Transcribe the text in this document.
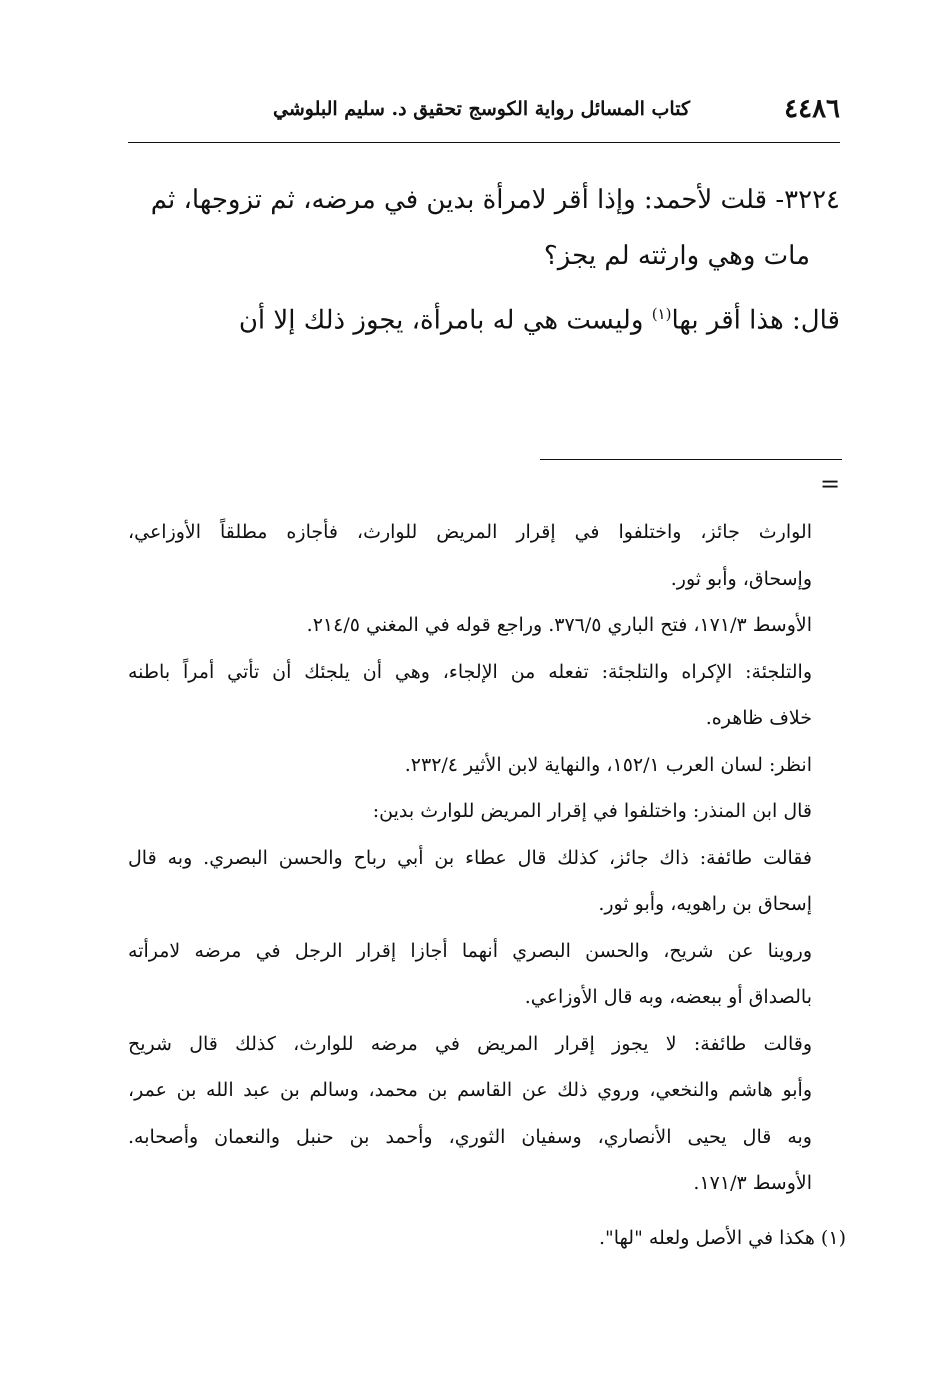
٤٤٨٦
كتاب المسائل رواية الكوسج تحقيق د. سليم البلوشي

٣٢٢٤- قلت لأحمد: وإذا أقر لامرأة بدين في مرضه، ثم تزوجها، ثم

مات وهي وارثته لم يجز؟

قال: هذا أقر بها$^{(١)}$ وليست هي له بامرأة، يجوز ذلك إلا أن

=
الوارث جائز، واختلفوا في إقرار المريض للوارث، فأجازه مطلقاً الأوزاعي،
وإسحاق، وأبو ثور.
الأوسط ١٧١/٣، فتح الباري ٣٧٦/٥. وراجع قوله في المغني ٢١٤/٥.
والتلجئة: الإكراه والتلجئة: تفعله من الإلجاء، وهي أن يلجئك أن تأتي أمراً باطنه
خلاف ظاهره.
انظر: لسان العرب ١٥٢/١، والنهاية لابن الأثير ٢٣٢/٤.
قال ابن المنذر: واختلفوا في إقرار المريض للوارث بدين:
فقالت طائفة: ذاك جائز، كذلك قال عطاء بن أبي رباح والحسن البصري. وبه قال
إسحاق بن راهويه، وأبو ثور.
وروينا عن شريح، والحسن البصري أنهما أجازا إقرار الرجل في مرضه لامرأته
بالصداق أو ببعضه، وبه قال الأوزاعي.
وقالت طائفة: لا يجوز إقرار المريض في مرضه للوارث، كذلك قال شريح
وأبو هاشم والنخعي، وروي ذلك عن القاسم بن محمد، وسالم بن عبد الله بن عمر،
وبه قال يحيى الأنصاري، وسفيان الثوري، وأحمد بن حنبل والنعمان وأصحابه.
الأوسط ١٧١/٣.
(١) هكذا في الأصل ولعله "لها".
